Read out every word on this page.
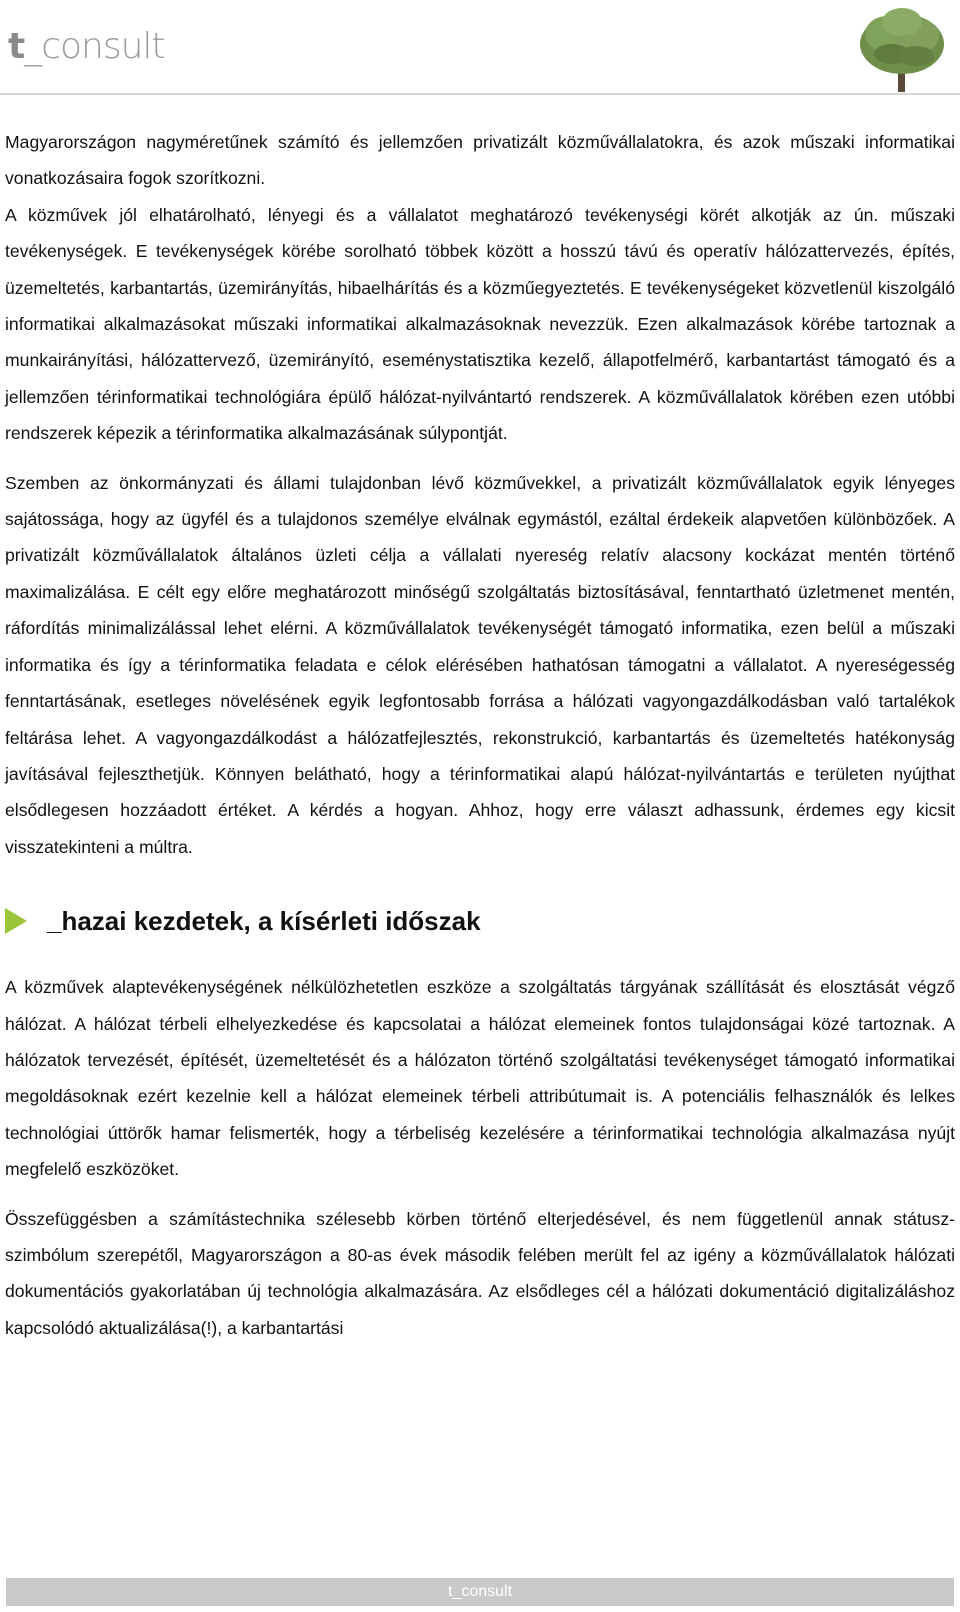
t_consult

Magyarországon nagyméretűnek számító és jellemzően privatizált közművállalatokra, és azok műszaki informatikai vonatkozásaira fogok szorítkozni.

A közművek jól elhatárolható, lényegi és a vállalatot meghatározó tevékenységi körét alkotják az ún. műszaki tevékenységek. E tevékenységek körébe sorolható többek között a hosszú távú és operatív hálózattervezés, építés, üzemeltetés, karbantartás, üzemirányítás, hibaelhárítás és a közműegyeztetés. E tevékenységeket közvetlenül kiszolgáló informatikai alkalmazásokat műszaki informatikai alkalmazásoknak nevezzük. Ezen alkalmazások körébe tartoznak a munkairányítási, hálózattervező, üzemirányító, eseménystatisztika kezelő, állapotfelmérő, karbantartást támogató és a jellemzően térinformatikai technológiára épülő hálózat-nyilvántartó rendszerek. A közművállalatok körében ezen utóbbi rendszerek képezik a térinformatika alkalmazásának súlypontját.

Szemben az önkormányzati és állami tulajdonban lévő közművekkel, a privatizált közművállalatok egyik lényeges sajátossága, hogy az ügyfél és a tulajdonos személye elválnak egymástól, ezáltal érdekeik alapvetően különbözőek. A privatizált közművállalatok általános üzleti célja a vállalati nyereség relatív alacsony kockázat mentén történő maximalizálása. E célt egy előre meghatározott minőségű szolgáltatás biztosításával, fenntartható üzletmenet mentén, ráfordítás minimalizálással lehet elérni. A közművállalatok tevékenységét támogató informatika, ezen belül a műszaki informatika és így a térinformatika feladata e célok elérésében hathatósan támogatni a vállalatot. A nyereségesség fenntartásának, esetleges növelésének egyik legfontosabb forrása a hálózati vagyongazdálkodásban való tartalékok feltárása lehet. A vagyongazdálkodást a hálózatfejlesztés, rekonstrukció, karbantartás és üzemeltetés hatékonyság javításával fejleszthetjük. Könnyen belátható, hogy a térinformatikai alapú hálózat-nyilvántartás e területen nyújthat elsődlegesen hozzáadott értéket. A kérdés a hogyan. Ahhoz, hogy erre választ adhassunk, érdemes egy kicsit visszatekinteni a múltra.

_hazai kezdetek, a kísérleti időszak

A közművek alaptevékenységének nélkülözhetetlen eszköze a szolgáltatás tárgyának szállítását és elosztását végző hálózat. A hálózat térbeli elhelyezkedése és kapcsolatai a hálózat elemeinek fontos tulajdonságai közé tartoznak. A hálózatok tervezését, építését, üzemeltetését és a hálózaton történő szolgáltatási tevékenységet támogató informatikai megoldásoknak ezért kezelnie kell a hálózat elemeinek térbeli attribútumait is. A potenciális felhasználók és lelkes technológiai úttörők hamar felismerték, hogy a térbeliség kezelésére a térinformatikai technológia alkalmazása nyújt megfelelő eszközöket.

Összefüggésben a számítástechnika szélesebb körben történő elterjedésével, és nem függetlenül annak státusz-szimbólum szerepétől, Magyarországon a 80-as évek második felében merült fel az igény a közművállalatok hálózati dokumentációs gyakorlatában új technológia alkalmazására. Az elsődleges cél a hálózati dokumentáció digitalizáláshoz kapcsolódó aktualizálása(!), a karbantartási

t_consult
